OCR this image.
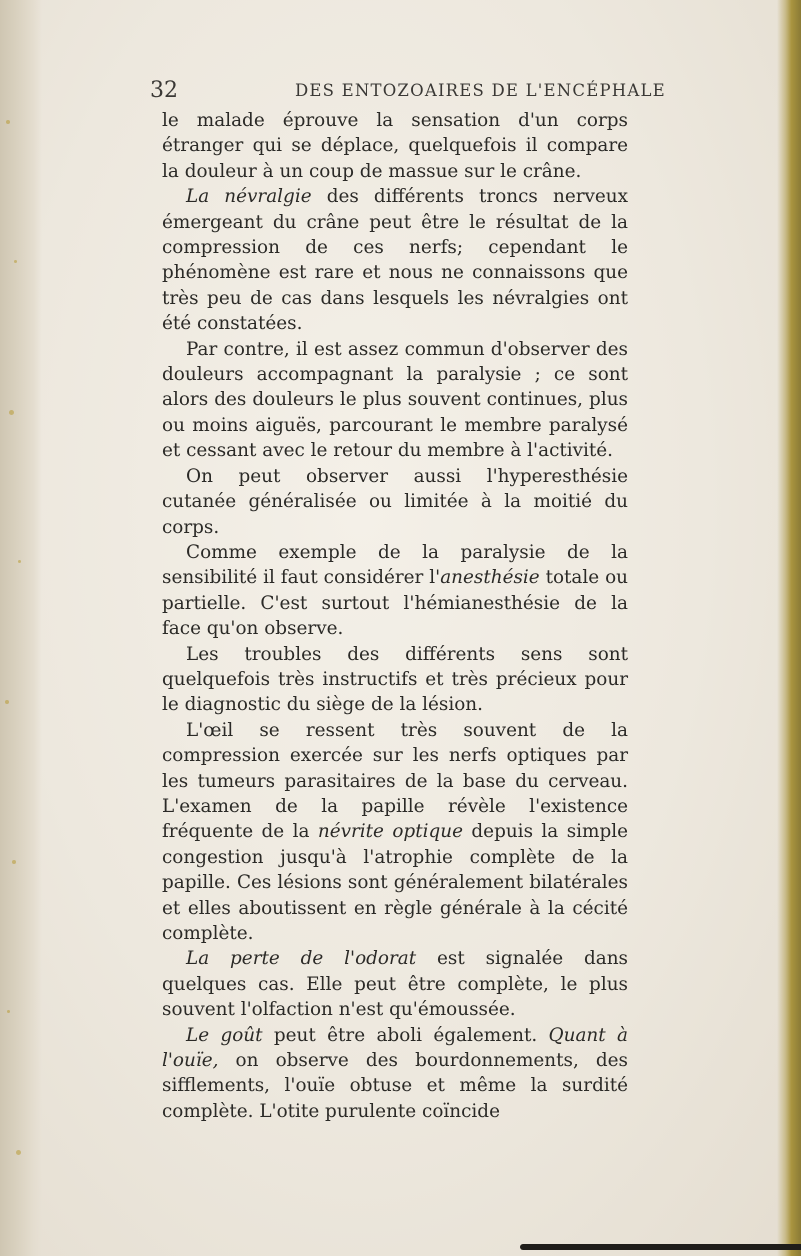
32	DES ENTOZOAIRES DE L'ENCÉPHALE

le malade éprouve la sensation d'un corps étranger qui se déplace, quelquefois il compare la douleur à un coup de massue sur le crâne.

La névralgie des différents troncs nerveux émergeant du crâne peut être le résultat de la compression de ces nerfs; cependant le phénomène est rare et nous ne connaissons que très peu de cas dans lesquels les névralgies ont été constatées.

Par contre, il est assez commun d'observer des douleurs accompagnant la paralysie ; ce sont alors des douleurs le plus souvent continues, plus ou moins aiguës, parcourant le membre paralysé et cessant avec le retour du membre à l'activité.

On peut observer aussi l'hyperesthésie cutanée généralisée ou limitée à la moitié du corps.

Comme exemple de la paralysie de la sensibilité il faut considérer l'anesthésie totale ou partielle. C'est surtout l'hémianesthésie de la face qu'on observe.

Les troubles des différents sens sont quelquefois très instructifs et très précieux pour le diagnostic du siège de la lésion.

L'œil se ressent très souvent de la compression exercée sur les nerfs optiques par les tumeurs parasitaires de la base du cerveau. L'examen de la papille révèle l'existence fréquente de la névrite optique depuis la simple congestion jusqu'à l'atrophie complète de la papille. Ces lésions sont généralement bilatérales et elles aboutissent en règle générale à la cécité complète.

La perte de l'odorat est signalée dans quelques cas. Elle peut être complète, le plus souvent l'olfaction n'est qu'émoussée.

Le goût peut être aboli également. Quant à l'ouïe, on observe des bourdonnements, des sifflements, l'ouïe obtuse et même la surdité complète. L'otite purulente coïncide
